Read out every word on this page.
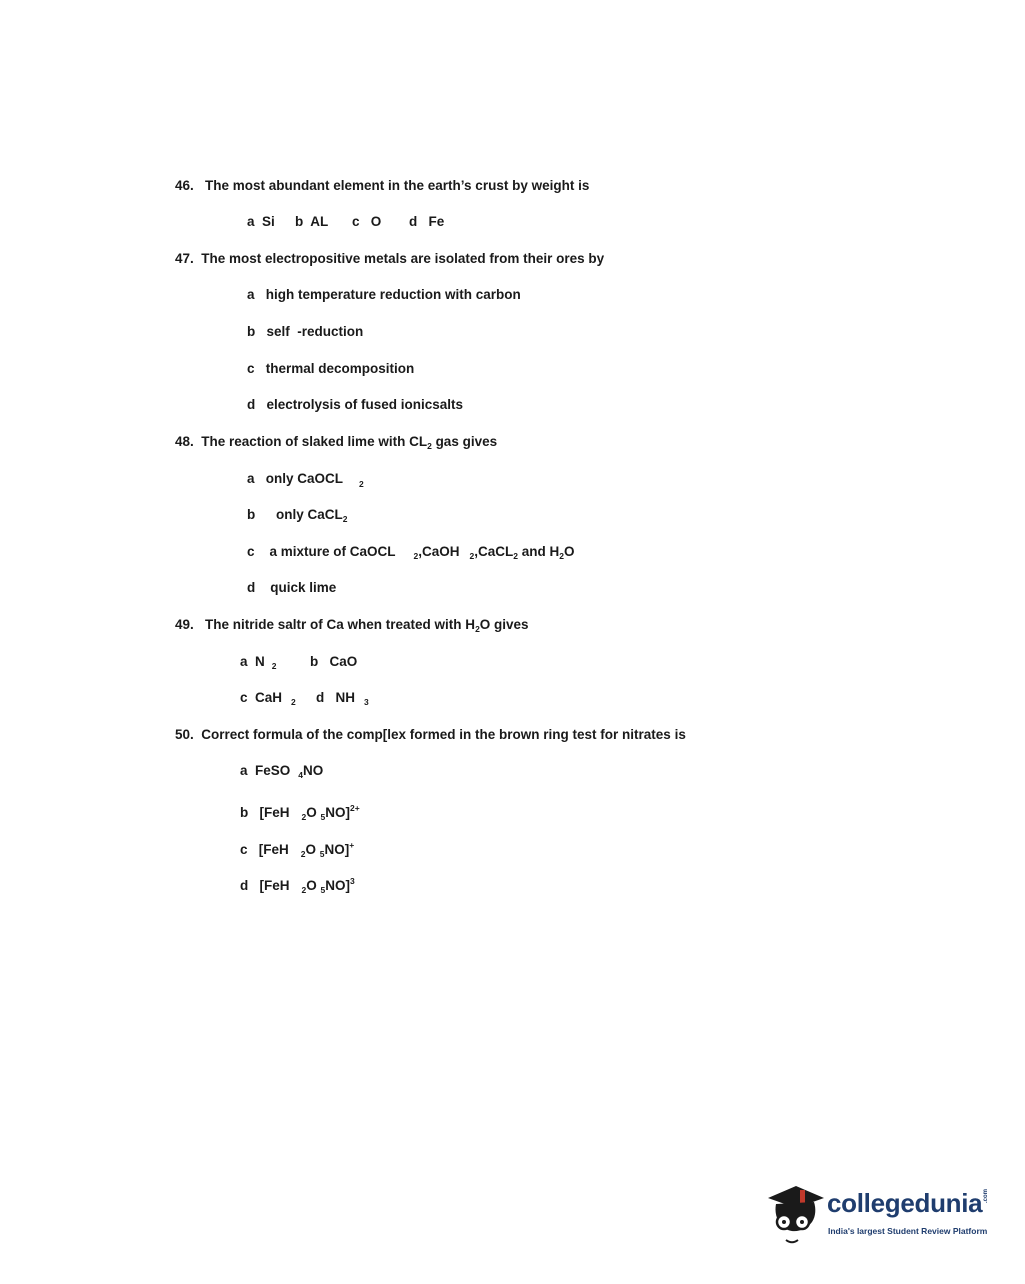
46.   The most abundant element in the earth’s crust by weight is
a  Si b  AL c   O d   Fe
47.  The most electropositive metals are isolated from their ores by
a   high temperature reduction with carbon
b   self  -reduction
c   thermal decomposition
d   electrolysis of fused ionicsalts
48.  The reaction of slaked lime with $CL_2$ gas gives
a   only CaOCL 2
b only CaCL$_2$
c    a mixture of CaOCL $_2$,CaOH $_2$,CaCL$_2$ and $H_2O$
d    quick lime
49.   The nitride saltr of Ca when treated with $H_2O$ gives
a  N $_2$ b   CaO
c  CaH $_2$ d   NH $_3$
50.  Correct formula of the comp[lex formed in the brown ring test for nitrates is
a  FeSO $_4$NO
b   [FeH $_2$O $_5$NO]$^{2+}$
c   [FeH $_2$O $_5$NO]+
d   [FeH $_2$O $_5$NO]$^3$
collegedunia .com
India's largest Student Review Platform
